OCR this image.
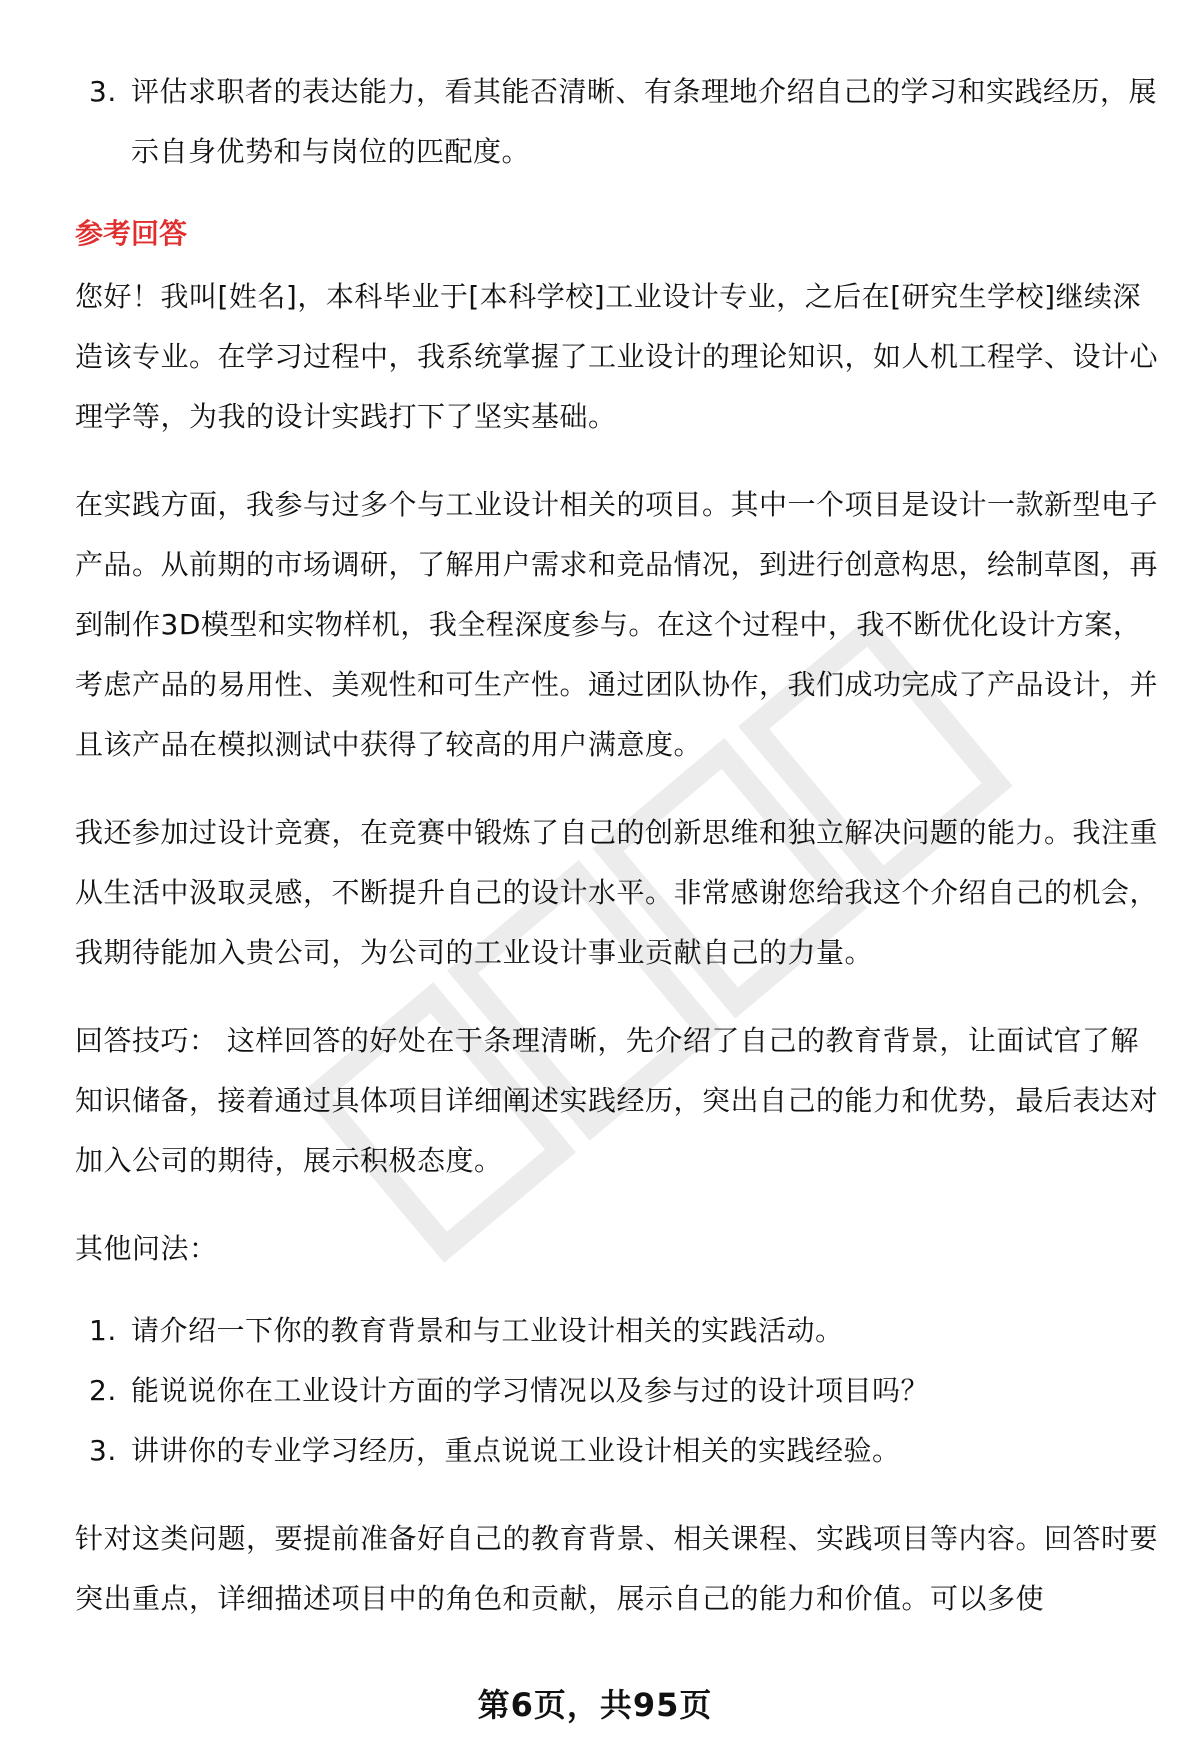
3. 评估求职者的表达能力，看其能否清晰、有条理地介绍自己的学习和实践经历，展示自身优势和与岗位的匹配度。
参考回答

您好！我叫[姓名]，本科毕业于[本科学校]工业设计专业，之后在[研究生学校]继续深造该专业。在学习过程中，我系统掌握了工业设计的理论知识，如人机工程学、设计心理学等，为我的设计实践打下了坚实基础。

在实践方面，我参与过多个与工业设计相关的项目。其中一个项目是设计一款新型电子产品。从前期的市场调研，了解用户需求和竞品情况，到进行创意构思，绘制草图，再到制作3D模型和实物样机，我全程深度参与。在这个过程中，我不断优化设计方案，考虑产品的易用性、美观性和可生产性。通过团队协作，我们成功完成了产品设计，并且该产品在模拟测试中获得了较高的用户满意度。

我还参加过设计竞赛，在竞赛中锻炼了自己的创新思维和独立解决问题的能力。我注重从生活中汲取灵感，不断提升自己的设计水平。非常感谢您给我这个介绍自己的机会，我期待能加入贵公司，为公司的工业设计事业贡献自己的力量。

回答技巧： 这样回答的好处在于条理清晰，先介绍了自己的教育背景，让面试官了解知识储备，接着通过具体项目详细阐述实践经历，突出自己的能力和优势，最后表达对加入公司的期待，展示积极态度。

其他问法：

1. 请介绍一下你的教育背景和与工业设计相关的实践活动。
2. 能说说你在工业设计方面的学习情况以及参与过的设计项目吗？
3. 讲讲你的专业学习经历，重点说说工业设计相关的实践经验。

针对这类问题，要提前准备好自己的教育背景、相关课程、实践项目等内容。回答时要突出重点，详细描述项目中的角色和贡献，展示自己的能力和价值。可以多使

第6页，共95页
